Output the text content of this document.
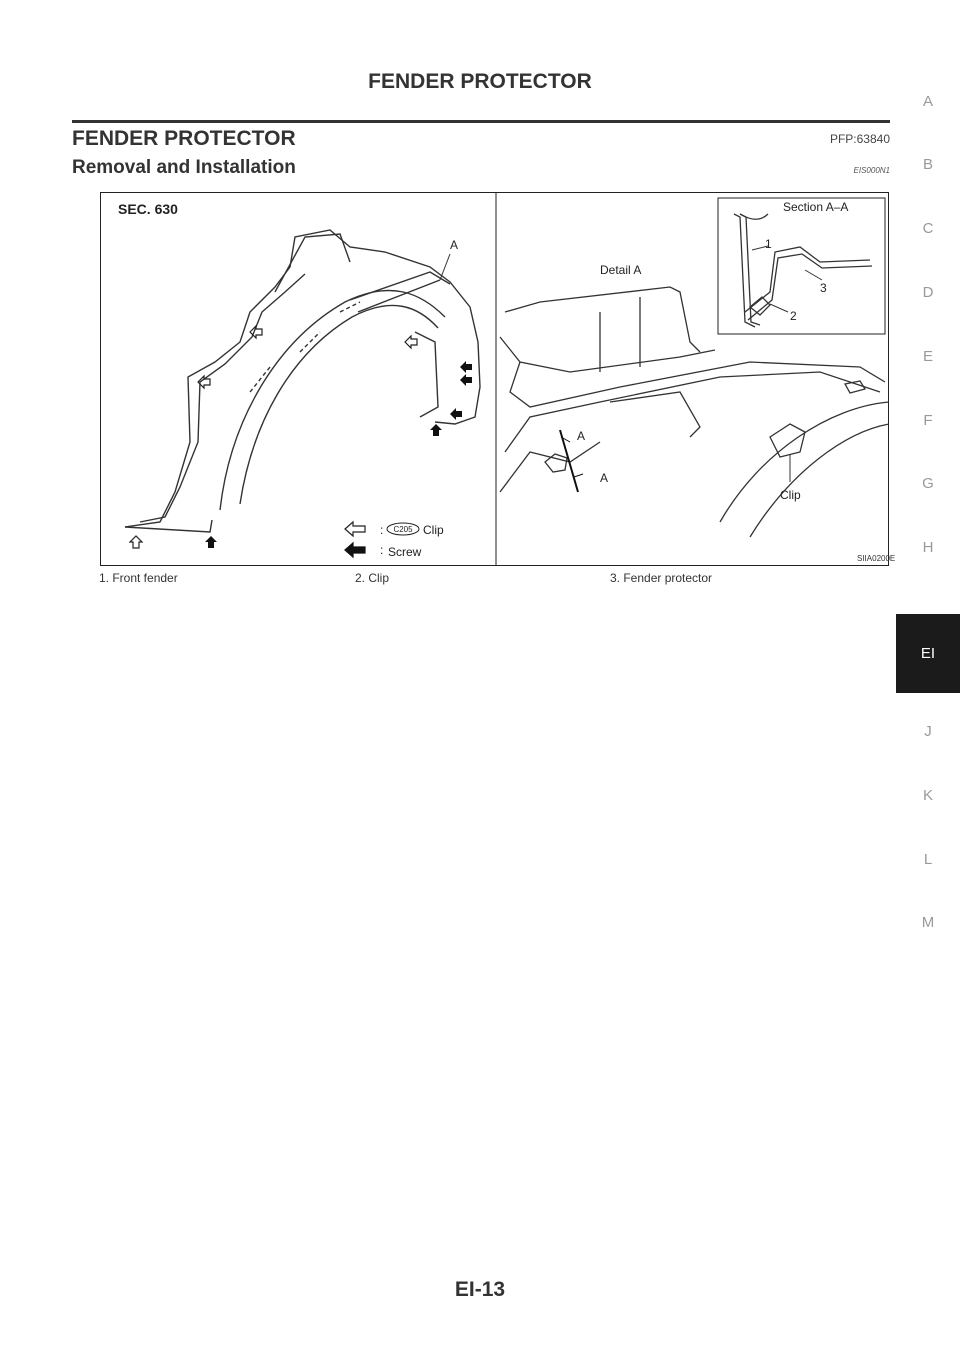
FENDER PROTECTOR
FENDER PROTECTOR	PFP:63840
Removal and Installation	EIS000N1
SEC. 630
A
Detail A
Section A–A
1
3
2
A
A
Clip
: C205 Clip
: Screw	SIIA0200E
1. Front fender	2. Clip	3. Fender protector
A
B
C
D
E
F
G
H
EI
J
K
L
M
EI-13
